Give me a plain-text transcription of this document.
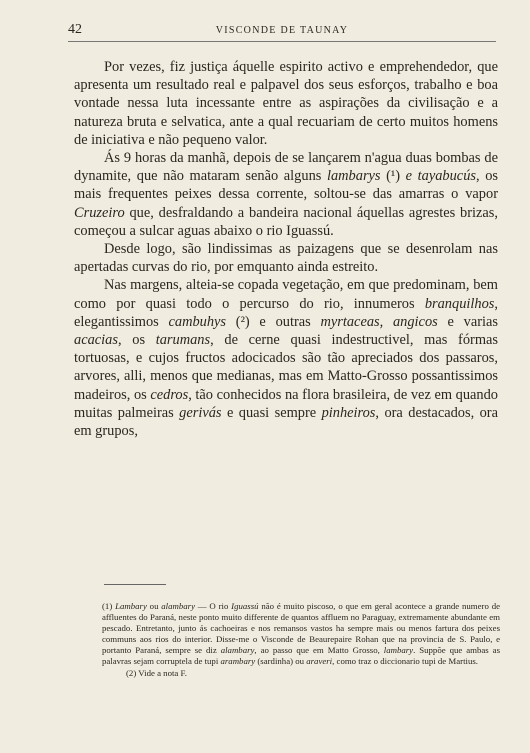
42	VISCONDE DE TAUNAY

Por vezes, fiz justiça áquelle espirito activo e emprehendedor, que apresenta um resultado real e palpavel dos seus esforços, trabalho e boa vontade nessa luta incessante entre as aspirações da civilisação e a natureza bruta e selvatica, ante a qual recuariam de certo muitos homens de iniciativa e não pequeno valor.

Ás 9 horas da manhã, depois de se lançarem n'agua duas bombas de dynamite, que não mataram senão alguns lambarys (¹) e tayabucús, os mais frequentes peixes dessa corrente, soltou-se das amarras o vapor Cruzeiro que, desfraldando a bandeira nacional áquellas agrestes brizas, começou a sulcar aguas abaixo o rio Iguassú.

Desde logo, são lindissimas as paizagens que se desenrolam nas apertadas curvas do rio, por emquanto ainda estreito.

Nas margens, alteia-se copada vegetação, em que predominam, bem como por quasi todo o percurso do rio, innumeros branquilhos, elegantissimos cambuhys (²) e outras myrtaceas, angicos e varias acacias, os tarumans, de cerne quasi indestructivel, mas fórmas tortuosas, e cujos fructos adocicados são tão apreciados dos passaros, arvores, alli, menos que medianas, mas em Matto-Grosso possantissimos madeiros, os cedros, tão conhecidos na flora brasileira, de vez em quando muitas palmeiras gerivás e quasi sempre pinheiros, ora destacados, ora em grupos,

(1) Lambary ou alambary — O rio Iguassú não é muito piscoso, o que em geral acontece a grande numero de affluentes do Paraná, neste ponto muito differente de quantos affluem no Paraguay, extremamente abundante em pescado. Entretanto, junto ás cachoeiras e nos remansos vastos ha sempre mais ou menos fartura dos peixes communs aos rios do interior. Disse-me o Visconde de Beaurepaire Rohan que na provincia de S. Paulo, e portanto Paraná, sempre se diz alambary, ao passo que em Matto Grosso, lambary. Suppõe que ambas as palavras sejam corruptela de tupi arambary (sardinha) ou araveri, como traz o diccionario tupi de Martius.

(2) Vide a nota F.
